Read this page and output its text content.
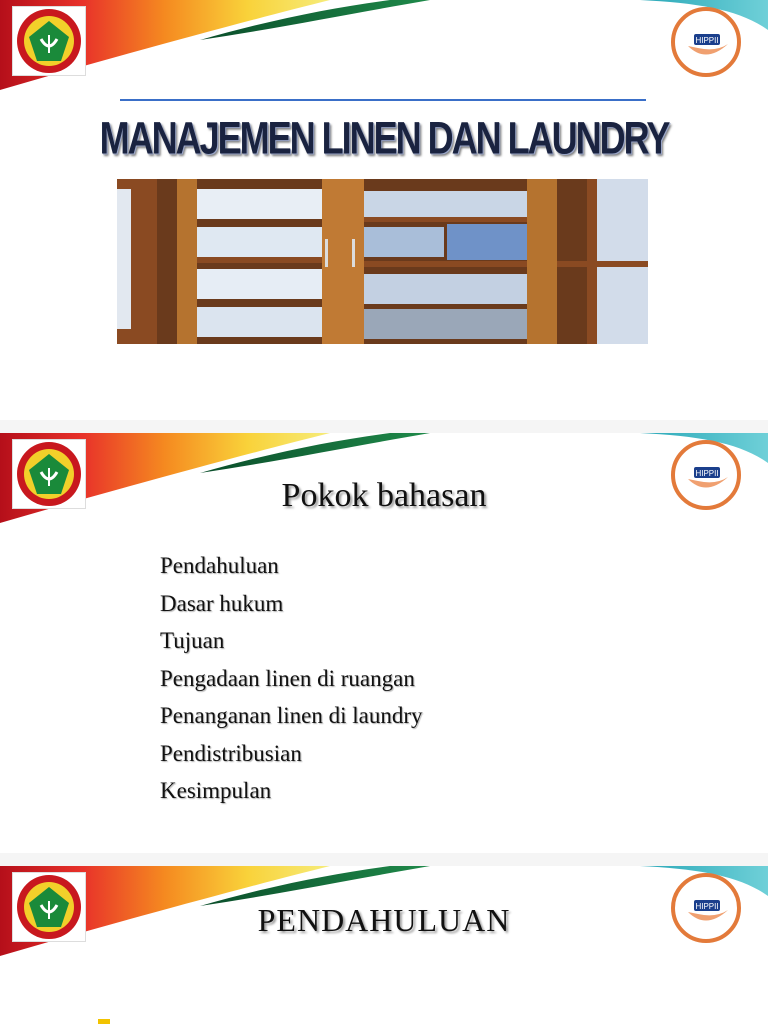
HIPPII
MANAJEMEN LINEN DAN LAUNDRY
HIPPII
Pokok bahasan
Pendahuluan
Dasar hukum
Tujuan
Pengadaan linen di ruangan
Penanganan linen di laundry
Pendistribusian
Kesimpulan
HIPPII
PENDAHULUAN
